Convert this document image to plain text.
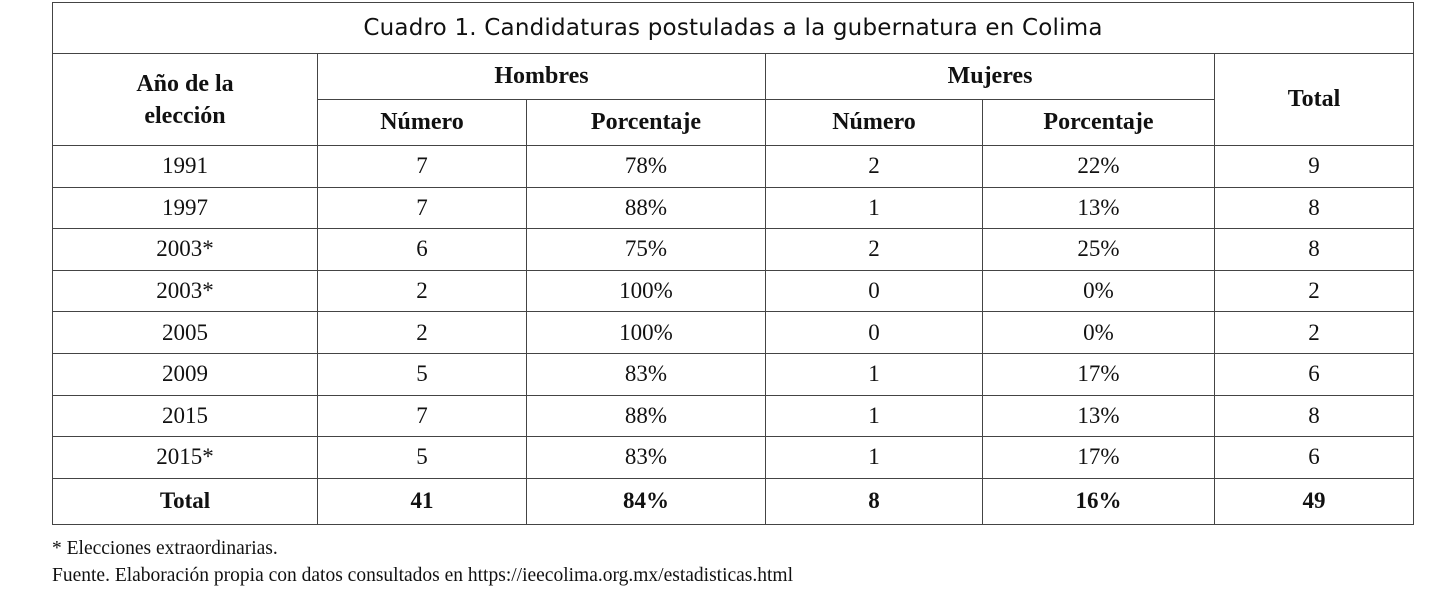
Cuadro 1. Candidaturas postuladas a la gubernatura en Colima					
Año de la elección	Hombres		Mujeres		Total
	Número	Porcentaje	Número	Porcentaje	
1991	7	78%	2	22%	9
1997	7	88%	1	13%	8
2003*	6	75%	2	25%	8
2003*	2	100%	0	0%	2
2005	2	100%	0	0%	2
2009	5	83%	1	17%	6
2015	7	88%	1	13%	8
2015*	5	83%	1	17%	6
Total	41	84%	8	16%	49
* Elecciones extraordinarias.
Fuente. Elaboración propia con datos consultados en https://ieecolima.org.mx/estadisticas.html
